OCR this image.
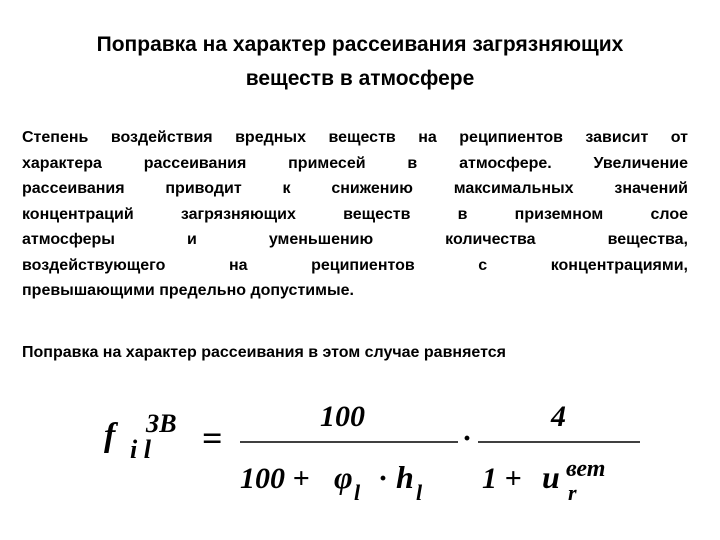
Поправка на характер рассеивания загрязняющих
веществ в атмосфере
Степень воздействия вредных веществ на реципиентов зависит от
характера рассеивания примесей в атмосфере. Увеличение
рассеивания приводит к снижению максимальных значений
концентраций загрязняющих веществ в приземном слое
атмосферы и уменьшению количества вещества,
воздействующего на реципиентов с концентрациями,
превышающими предельно допустимые.
Поправка на характер рассеивания в этом случае равняется
f ЗВ
i l =
100
100 + φ l · h l
·
4
1 + u r
вет
